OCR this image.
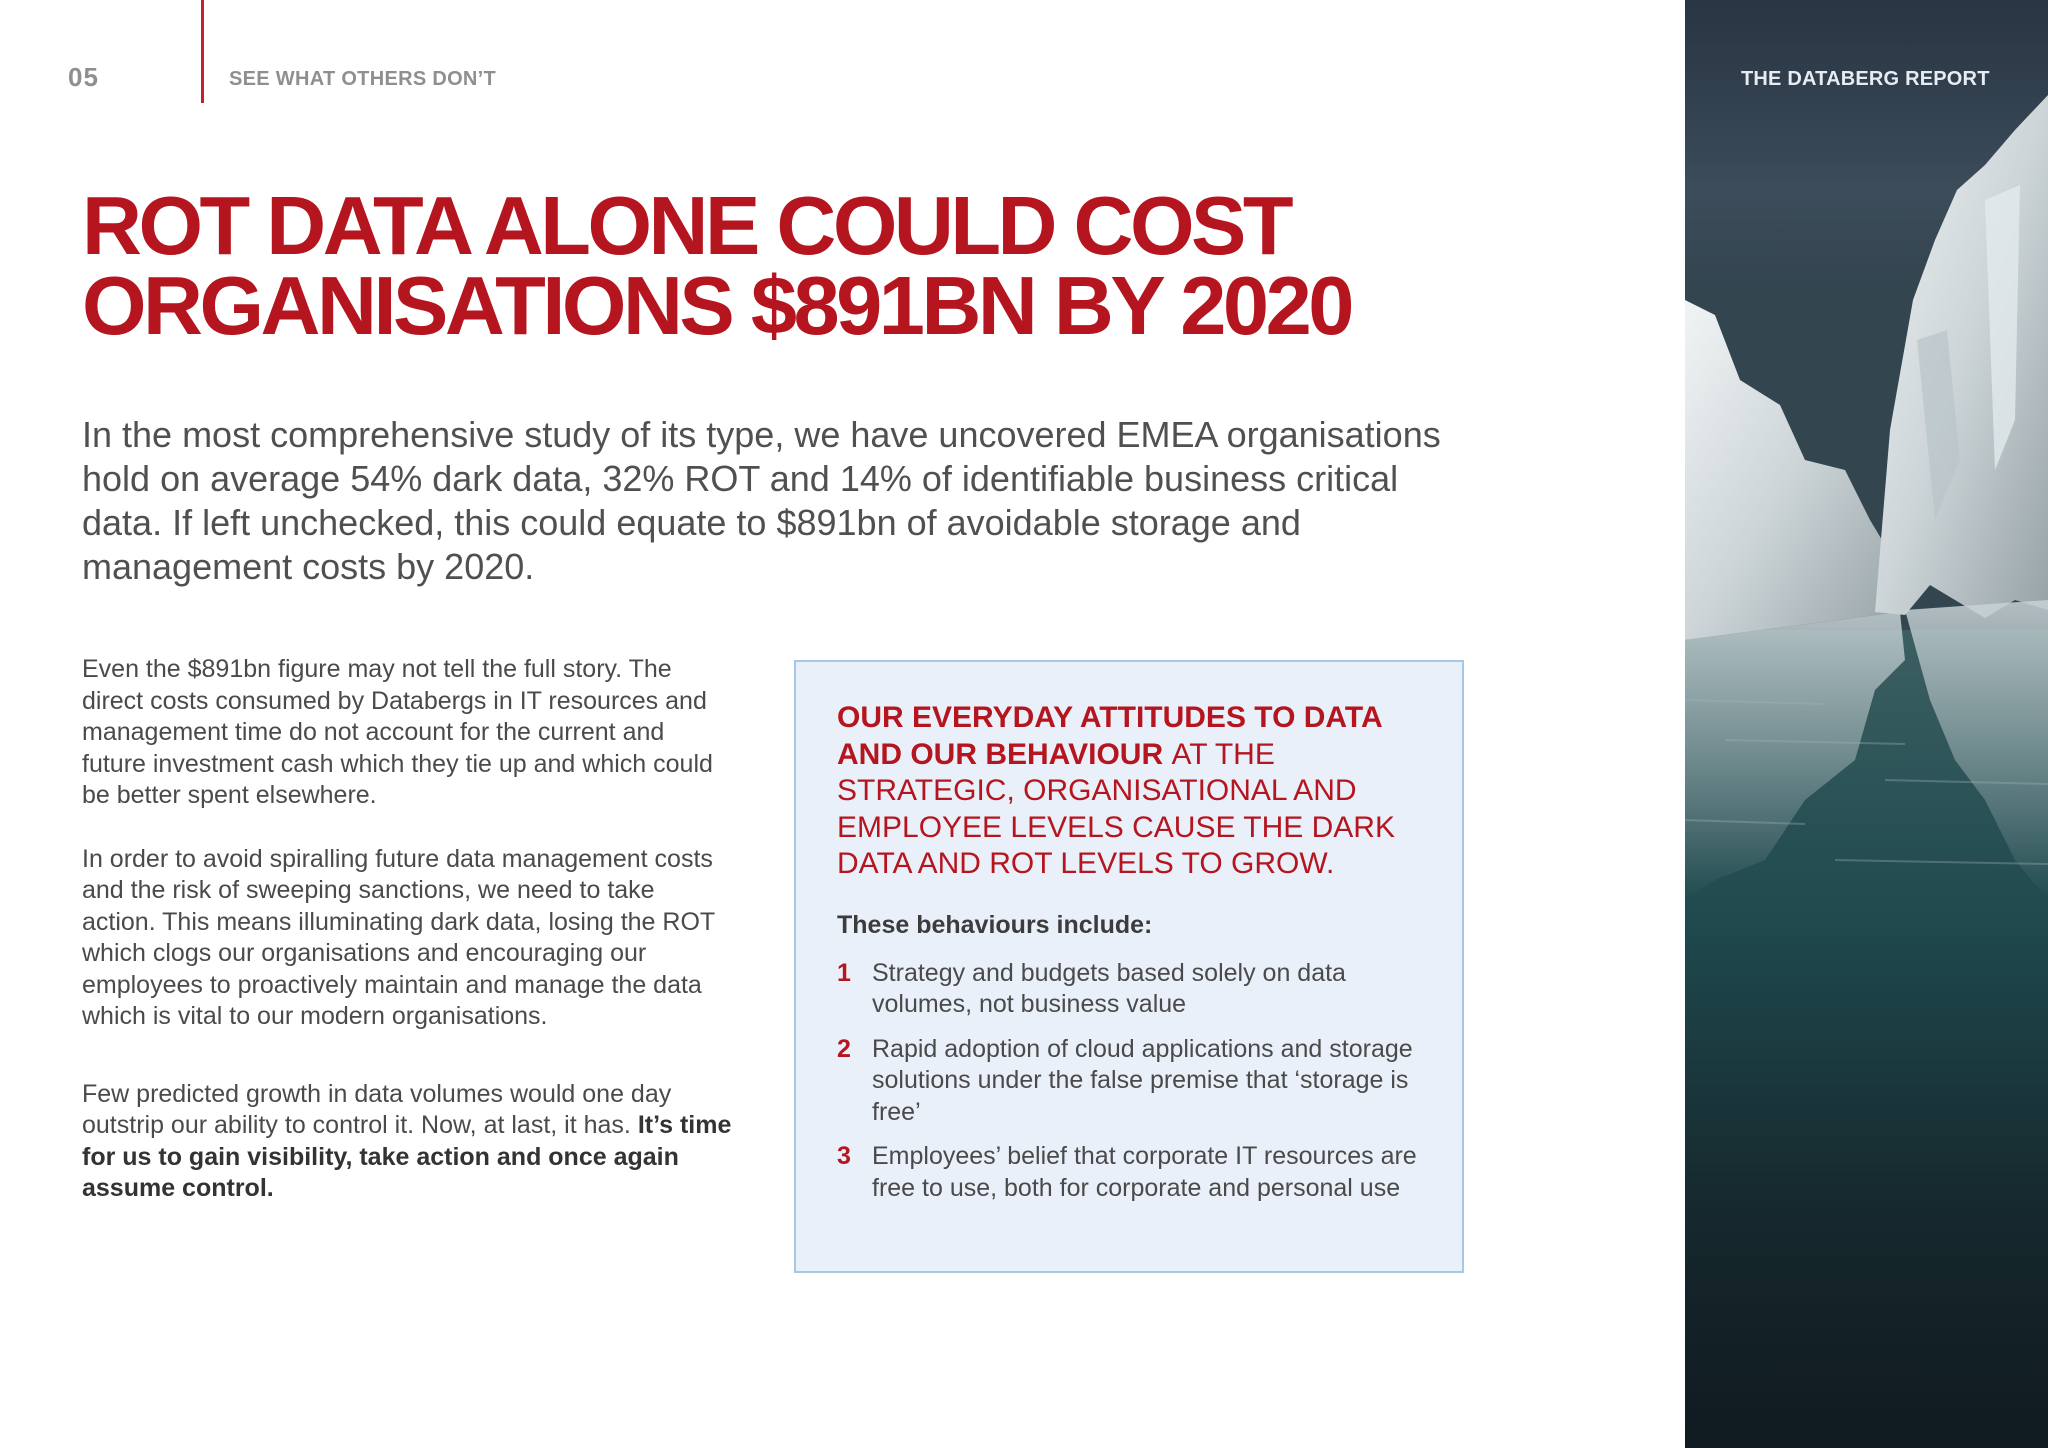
05	SEE WHAT OTHERS DON’T
ROT DATA ALONE COULD COST
ORGANISATIONS $891BN BY 2020

In the most comprehensive study of its type, we have uncovered EMEA organisations hold on average 54% dark data, 32% ROT and 14% of identifiable business critical data. If left unchecked, this could equate to $891bn of avoidable storage and management costs by 2020.

Even the $891bn figure may not tell the full story. The direct costs consumed by Databergs in IT resources and management time do not account for the current and future investment cash which they tie up and which could be better spent elsewhere.

In order to avoid spiralling future data management costs and the risk of sweeping sanctions, we need to take action. This means illuminating dark data, losing the ROT which clogs our organisations and encouraging our employees to proactively maintain and manage the data which is vital to our modern organisations.

Few predicted growth in data volumes would one day outstrip our ability to control it. Now, at last, it has. It’s time for us to gain visibility, take action and once again assume control.

OUR EVERYDAY ATTITUDES TO DATA AND OUR BEHAVIOUR AT THE STRATEGIC, ORGANISATIONAL AND EMPLOYEE LEVELS CAUSE THE DARK DATA AND ROT LEVELS TO GROW.

These behaviours include:

1 Strategy and budgets based solely on data volumes, not business value
2 Rapid adoption of cloud applications and storage solutions under the false premise that ‘storage is free’
3 Employees’ belief that corporate IT resources are free to use, both for corporate and personal use
THE DATABERG REPORT
